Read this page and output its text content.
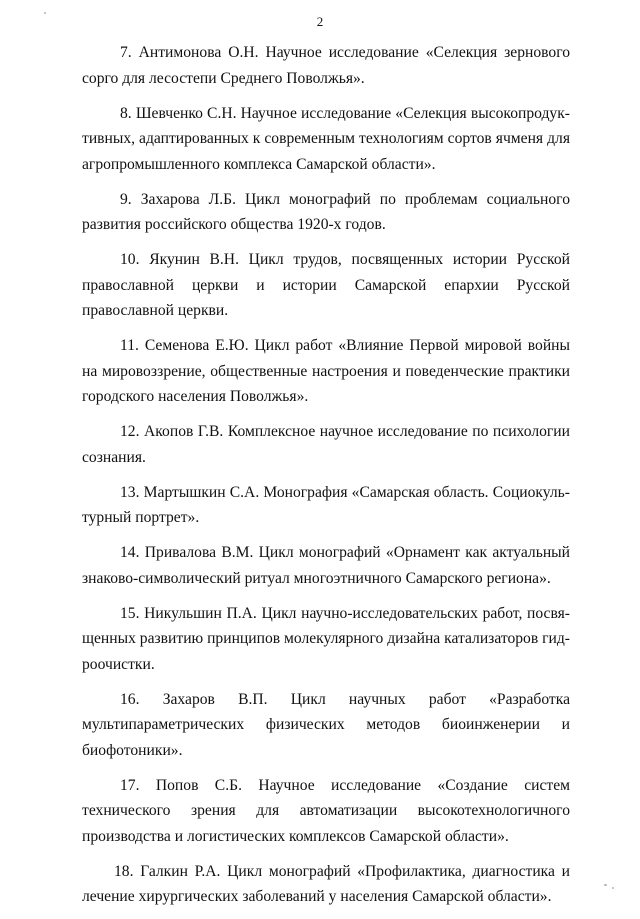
2

7. Антимонова О.Н. Научное исследование «Селекция зернового сорго для лесостепи Среднего Поволжья».

8. Шевченко С.Н. Научное исследование «Селекция высокопродуктивных, адаптированных к современным технологиям сортов ячменя для агропромышленного комплекса Самарской области».

9. Захарова Л.Б. Цикл монографий по проблемам социального развития российского общества 1920-х годов.

10. Якунин В.Н. Цикл трудов, посвященных истории Русской православной церкви и истории Самарской епархии Русской православной церкви.

11. Семенова Е.Ю. Цикл работ «Влияние Первой мировой войны на мировоззрение, общественные настроения и поведенческие практики городского населения Поволжья».

12. Акопов Г.В. Комплексное научное исследование по психологии сознания.

13. Мартышкин С.А. Монография «Самарская область. Социокультурный портрет».

14. Привалова В.М. Цикл монографий «Орнамент как актуальный знаково-символический ритуал многоэтничного Самарского региона».

15. Никульшин П.А. Цикл научно-исследовательских работ, посвященных развитию принципов молекулярного дизайна катализаторов гидроочистки.

16. Захаров В.П. Цикл научных работ «Разработка мультипараметрических физических методов биоинженерии и биофотоники».

17. Попов С.Б. Научное исследование «Создание систем технического зрения для автоматизации высокотехнологичного производства и логистических комплексов Самарской области».

18. Галкин Р.А. Цикл монографий «Профилактика, диагностика и лечение хирургических заболеваний у населения Самарской области».
